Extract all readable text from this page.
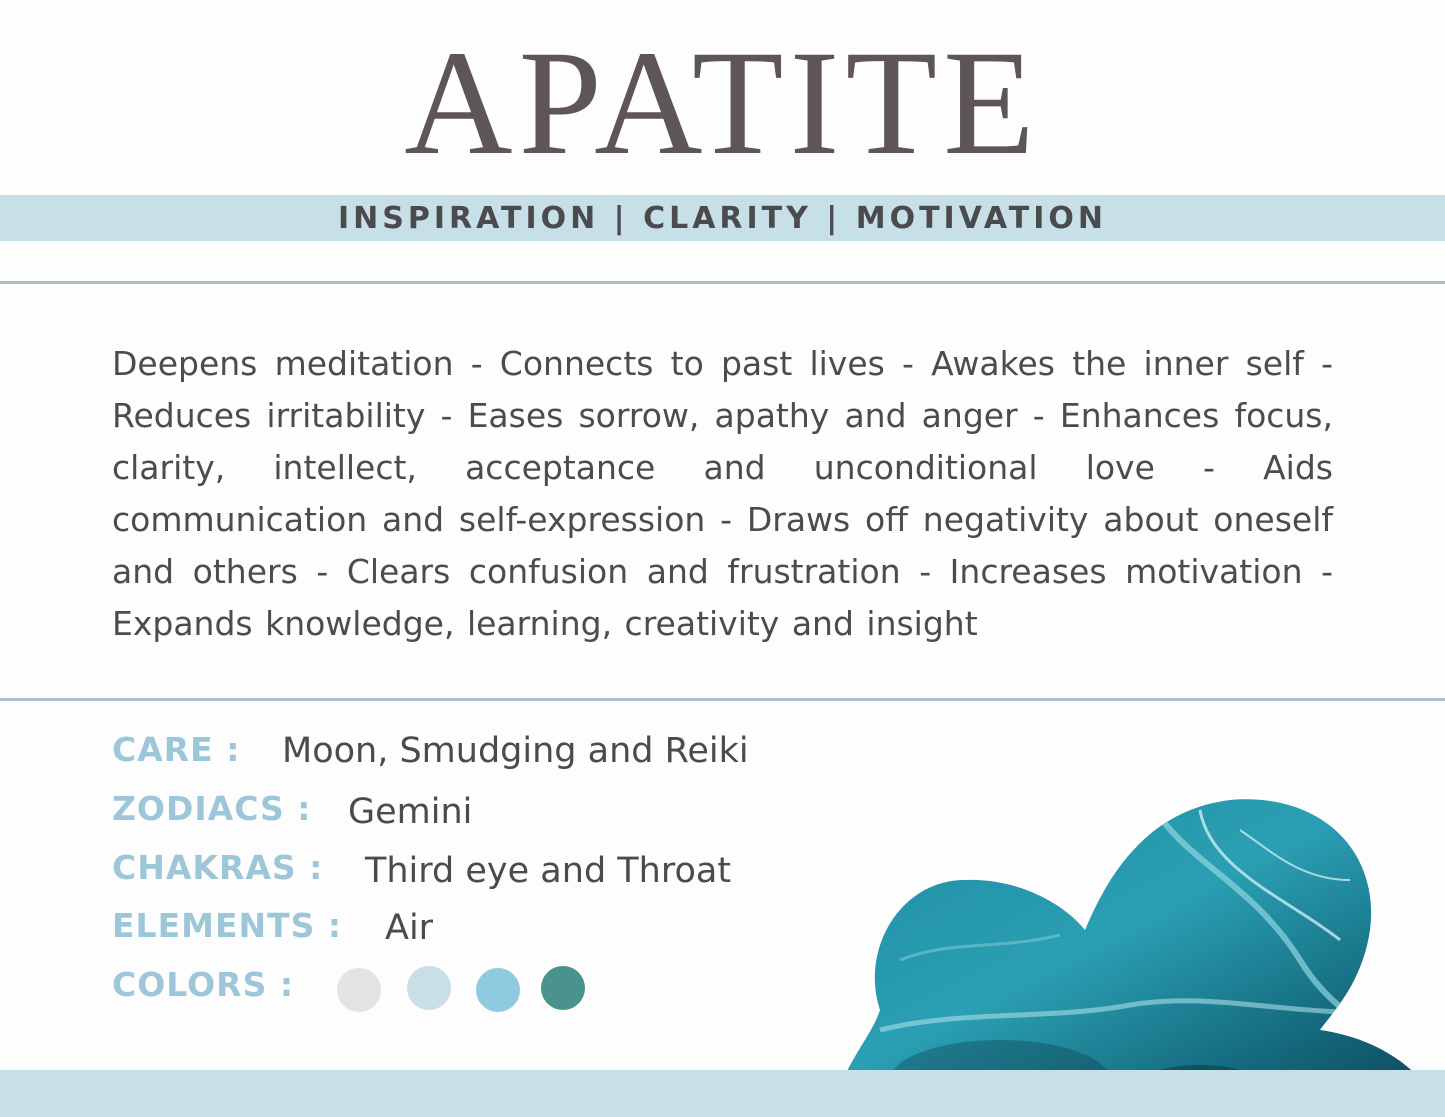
APATITE
INSPIRATION | CLARITY | MOTIVATION
Deepens meditation - Connects to past lives - Awakes the inner self - Reduces irritability - Eases sorrow, apathy and anger - Enhances focus, clarity, intellect, acceptance and unconditional love - Aids communication and self-expression - Draws off negativity about oneself and others - Clears confusion and frustration - Increases motivation - Expands knowledge, learning, creativity and insight
CARE : Moon, Smudging and Reiki
ZODIACS : Gemini
CHAKRAS : Third eye and Throat
ELEMENTS : Air
COLORS :
